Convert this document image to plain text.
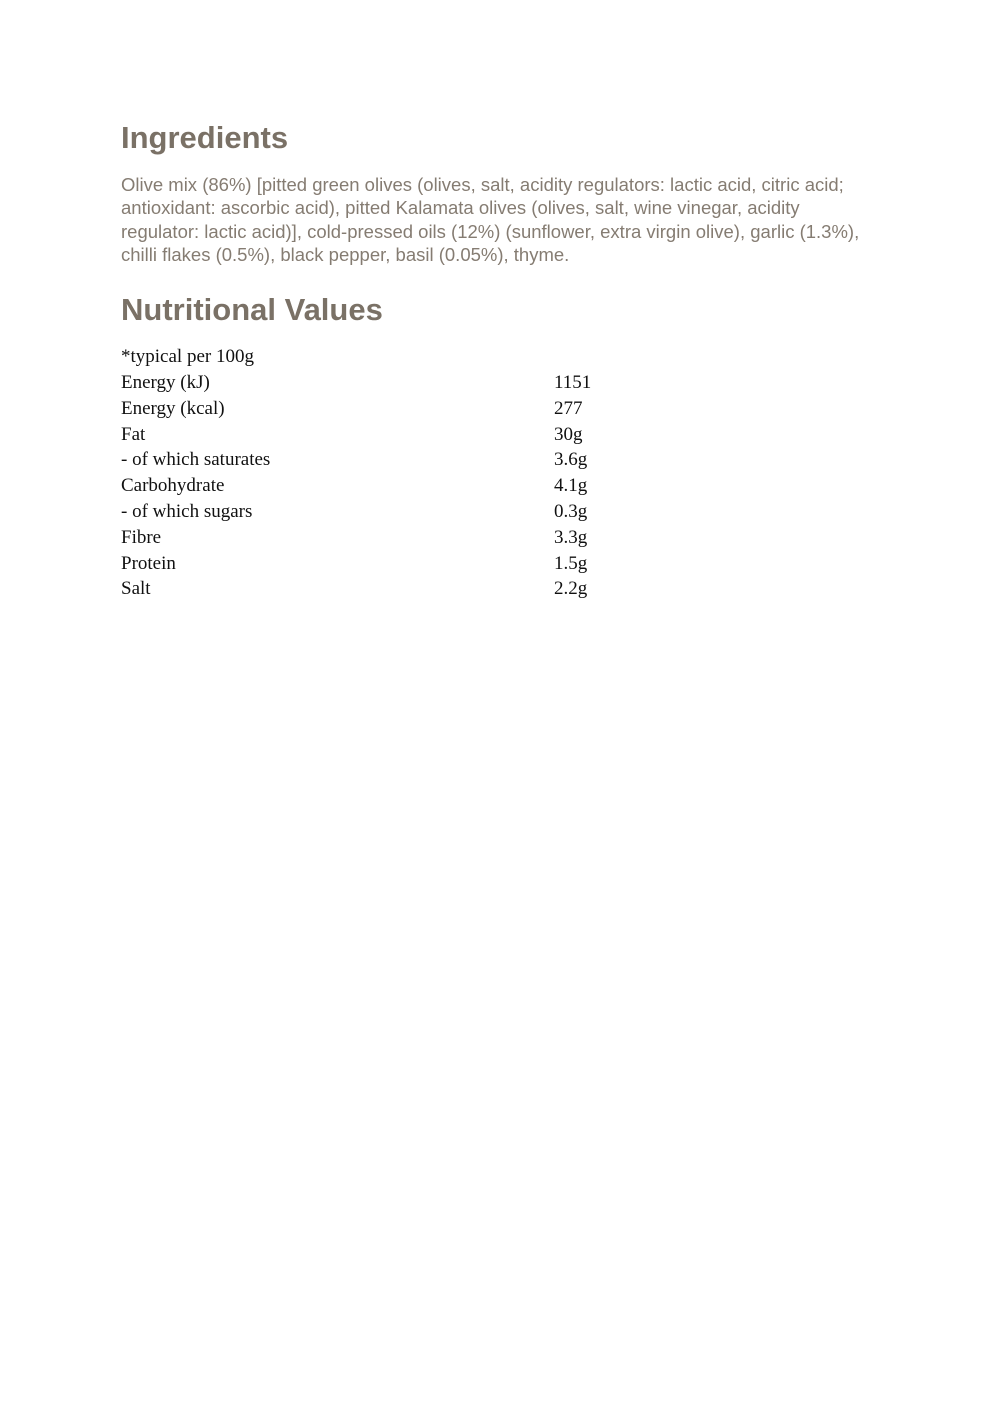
Ingredients

Olive mix (86%) [pitted green olives (olives, salt, acidity regulators: lactic acid, citric acid; antioxidant: ascorbic acid), pitted Kalamata olives (olives, salt, wine vinegar, acidity regulator: lactic acid)], cold-pressed oils (12%) (sunflower, extra virgin olive), garlic (1.3%), chilli flakes (0.5%), black pepper, basil (0.05%), thyme.

Nutritional Values
*typical per 100g
Energy (kJ)	1151
Energy (kcal)	277
Fat	30g
- of which saturates	3.6g
Carbohydrate	4.1g
- of which sugars	0.3g
Fibre	3.3g
Protein	1.5g
Salt	2.2g
